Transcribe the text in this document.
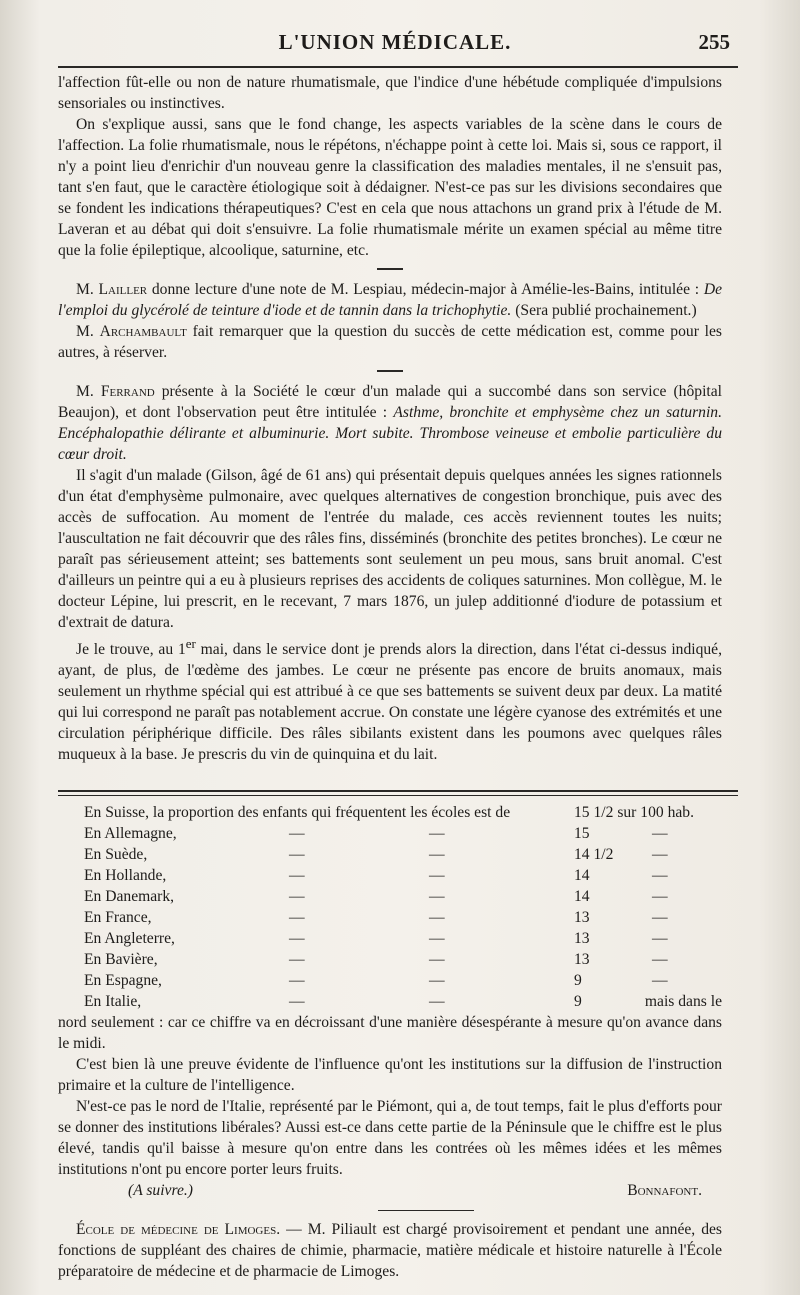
L'UNION MÉDICALE.	255

l'affection fût-elle ou non de nature rhumatismale, que l'indice d'une hébétude compliquée d'impulsions sensoriales ou instinctives.

On s'explique aussi, sans que le fond change, les aspects variables de la scène dans le cours de l'affection. La folie rhumatismale, nous le répétons, n'échappe point à cette loi. Mais si, sous ce rapport, il n'y a point lieu d'enrichir d'un nouveau genre la classification des maladies mentales, il ne s'ensuit pas, tant s'en faut, que le caractère étiologique soit à dédaigner. N'est-ce pas sur les divisions secondaires que se fondent les indications thérapeutiques? C'est en cela que nous attachons un grand prix à l'étude de M. Laveran et au débat qui doit s'ensuivre. La folie rhumatismale mérite un examen spécial au même titre que la folie épileptique, alcoolique, saturnine, etc.

M. Lailler donne lecture d'une note de M. Lespiau, médecin-major à Amélie-les-Bains, intitulée : De l'emploi du glycérolé de teinture d'iode et de tannin dans la trichophytie. (Sera publié prochainement.)

M. Archambault fait remarquer que la question du succès de cette médication est, comme pour les autres, à réserver.

M. Ferrand présente à la Société le cœur d'un malade qui a succombé dans son service (hôpital Beaujon), et dont l'observation peut être intitulée : Asthme, bronchite et emphysème chez un saturnin. Encéphalopathie délirante et albuminurie. Mort subite. Thrombose veineuse et embolie particulière du cœur droit.

Il s'agit d'un malade (Gilson, âgé de 61 ans) qui présentait depuis quelques années les signes rationnels d'un état d'emphysème pulmonaire, avec quelques alternatives de congestion bronchique, puis avec des accès de suffocation. Au moment de l'entrée du malade, ces accès reviennent toutes les nuits; l'auscultation ne fait découvrir que des râles fins, disséminés (bronchite des petites bronches). Le cœur ne paraît pas sérieusement atteint; ses battements sont seulement un peu mous, sans bruit anomal. C'est d'ailleurs un peintre qui a eu à plusieurs reprises des accidents de coliques saturnines. Mon collègue, M. le docteur Lépine, lui prescrit, en le recevant, 7 mars 1876, un julep additionné d'iodure de potassium et d'extrait de datura.

Je le trouve, au 1er mai, dans le service dont je prends alors la direction, dans l'état ci-dessus indiqué, ayant, de plus, de l'œdème des jambes. Le cœur ne présente pas encore de bruits anomaux, mais seulement un rhythme spécial qui est attribué à ce que ses battements se suivent deux par deux. La matité qui lui correspond ne paraît pas notablement accrue. On constate une légère cyanose des extrémités et une circulation périphérique difficile. Des râles sibilants existent dans les poumons avec quelques râles muqueux à la base. Je prescris du vin de quinquina et du lait.

En Suisse, la proportion des enfants qui fréquentent les écoles est de	15 1/2 sur 100 hab.
En Allemagne,	—	—	15	—
En Suède,	—	—	14 1/2 —
En Hollande,	—	—	14	—
En Danemark,	—	—	14	—
En France,	—	—	13	—
En Angleterre,	—	—	13	—
En Bavière,	—	—	13	—
En Espagne,	—	—	9	—
En Italie,	—	—	9	mais dans le

nord seulement : car ce chiffre va en décroissant d'une manière désespérante à mesure qu'on avance dans le midi.

C'est bien là une preuve évidente de l'influence qu'ont les institutions sur la diffusion de l'instruction primaire et la culture de l'intelligence.

N'est-ce pas le nord de l'Italie, représenté par le Piémont, qui a, de tout temps, fait le plus d'efforts pour se donner des institutions libérales? Aussi est-ce dans cette partie de la Péninsule que le chiffre est le plus élevé, tandis qu'il baisse à mesure qu'on entre dans les contrées où les mêmes idées et les mêmes institutions n'ont pu encore porter leurs fruits.

(A suivre.)	Bonnafont.

École de médecine de Limoges. — M. Piliault est chargé provisoirement et pendant une année, des fonctions de suppléant des chaires de chimie, pharmacie, matière médicale et histoire naturelle à l'École préparatoire de médecine et de pharmacie de Limoges.
